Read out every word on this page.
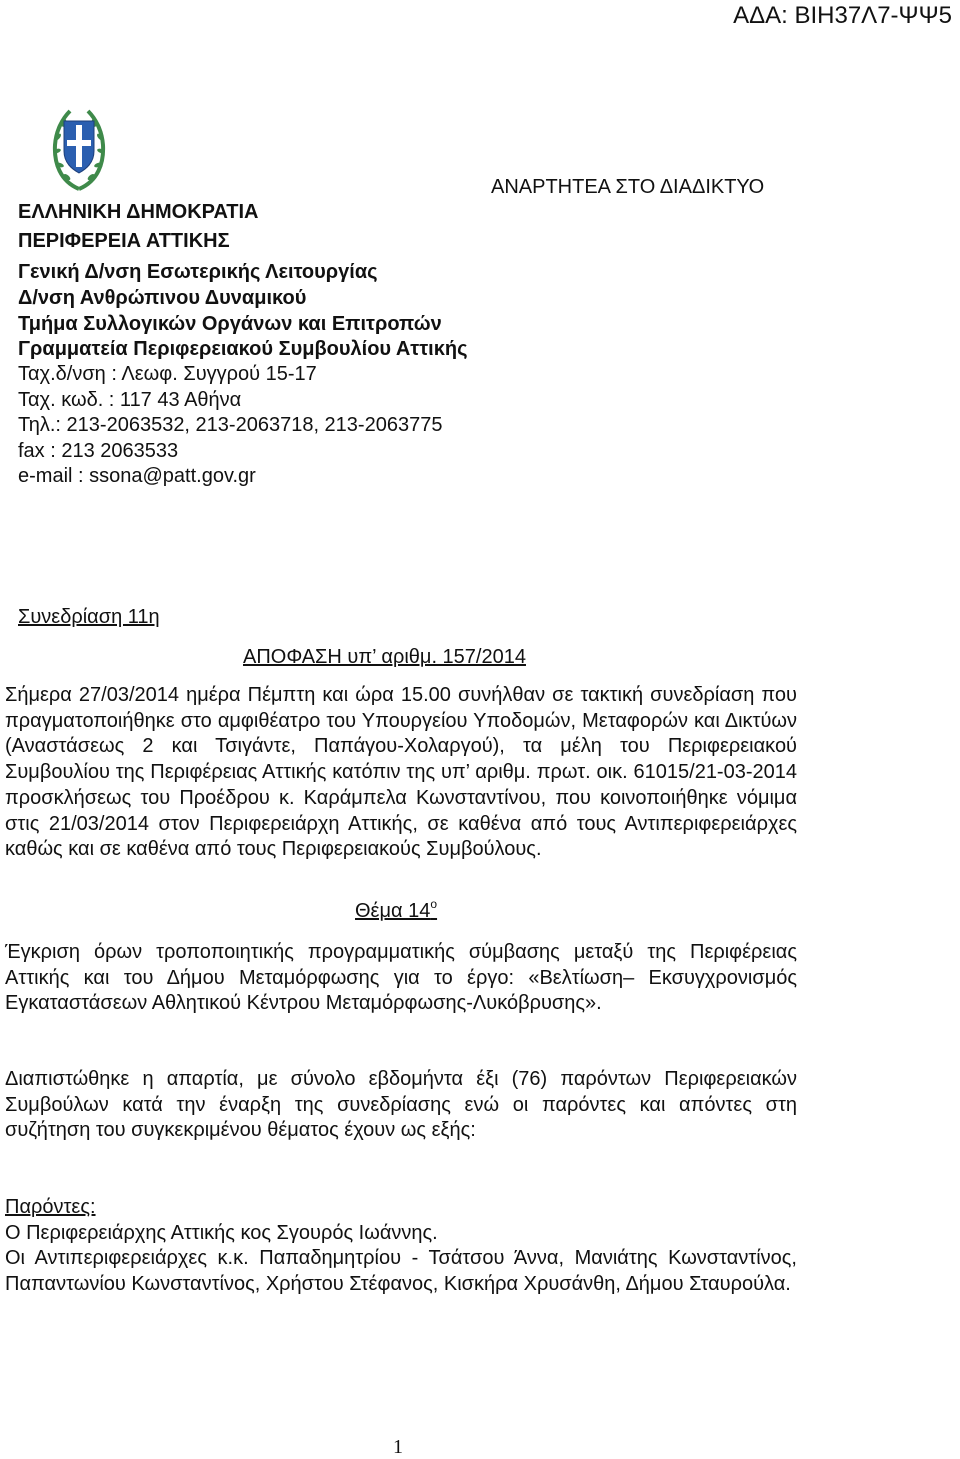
ΑΔΑ: ΒΙΗ37Λ7-ΨΨ5
ΑΝΑΡΤΗΤΕΑ ΣΤΟ ΔΙΑΔΙΚΤΥΟ
ΕΛΛΗΝΙΚΗ ΔΗΜΟΚΡΑΤΙΑ
ΠΕΡΙΦΕΡΕΙΑ ΑΤΤΙΚΗΣ
Γενική Δ/νση Εσωτερικής Λειτουργίας
Δ/νση Ανθρώπινου Δυναμικού
Τμήμα Συλλογικών Οργάνων και Επιτροπών
Γραμματεία Περιφερειακού Συμβουλίου Αττικής
Ταχ.δ/νση : Λεωφ. Συγγρού 15-17
Ταχ. κωδ. : 117 43 Αθήνα
Τηλ.: 213-2063532, 213-2063718, 213-2063775
fax : 213 2063533
e-mail : ssona@patt.gov.gr
Συνεδρίαση 11η
ΑΠΟΦΑΣΗ υπ’ αριθμ. 157/2014
Σήμερα 27/03/2014 ημέρα Πέμπτη και ώρα 15.00 συνήλθαν σε τακτική συνεδρίαση που πραγματοποιήθηκε στο αμφιθέατρο του Υπουργείου Υποδομών, Μεταφορών και Δικτύων (Αναστάσεως 2 και Τσιγάντε, Παπάγου-Χολαργού), τα μέλη του Περιφερειακού Συμβουλίου της Περιφέρειας Αττικής κατόπιν της υπ’ αριθμ. πρωτ. οικ. 61015/21-03-2014 προσκλήσεως του Προέδρου κ. Καράμπελα Κωνσταντίνου, που κοινοποιήθηκε νόμιμα στις 21/03/2014 στον Περιφερειάρχη Αττικής, σε καθένα από τους Αντιπεριφερειάρχες καθώς και σε καθένα από τους Περιφερειακούς Συμβούλους.
Θέμα $14^o$
Έγκριση όρων τροποποιητικής προγραμματικής σύμβασης μεταξύ της Περιφέρειας Αττικής και του Δήμου Μεταμόρφωσης για το έργο: «Βελτίωση– Εκσυγχρονισμός Εγκαταστάσεων Αθλητικού Κέντρου Μεταμόρφωσης-Λυκόβρυσης».
Διαπιστώθηκε η απαρτία, με σύνολο εβδομήντα έξι (76) παρόντων Περιφερειακών Συμβούλων κατά την έναρξη της συνεδρίασης ενώ οι παρόντες και απόντες στη συζήτηση του συγκεκριμένου θέματος έχουν ως εξής:
Παρόντες:
Ο Περιφερειάρχης Αττικής κος Σγουρός Ιωάννης.
Οι Αντιπεριφερειάρχες κ.κ. Παπαδημητρίου - Τσάτσου Άννα, Μανιάτης Κωνσταντίνος, Παπαντωνίου Κωνσταντίνος, Χρήστου Στέφανος, Κισκήρα Χρυσάνθη, Δήμου Σταυρούλα.
1
